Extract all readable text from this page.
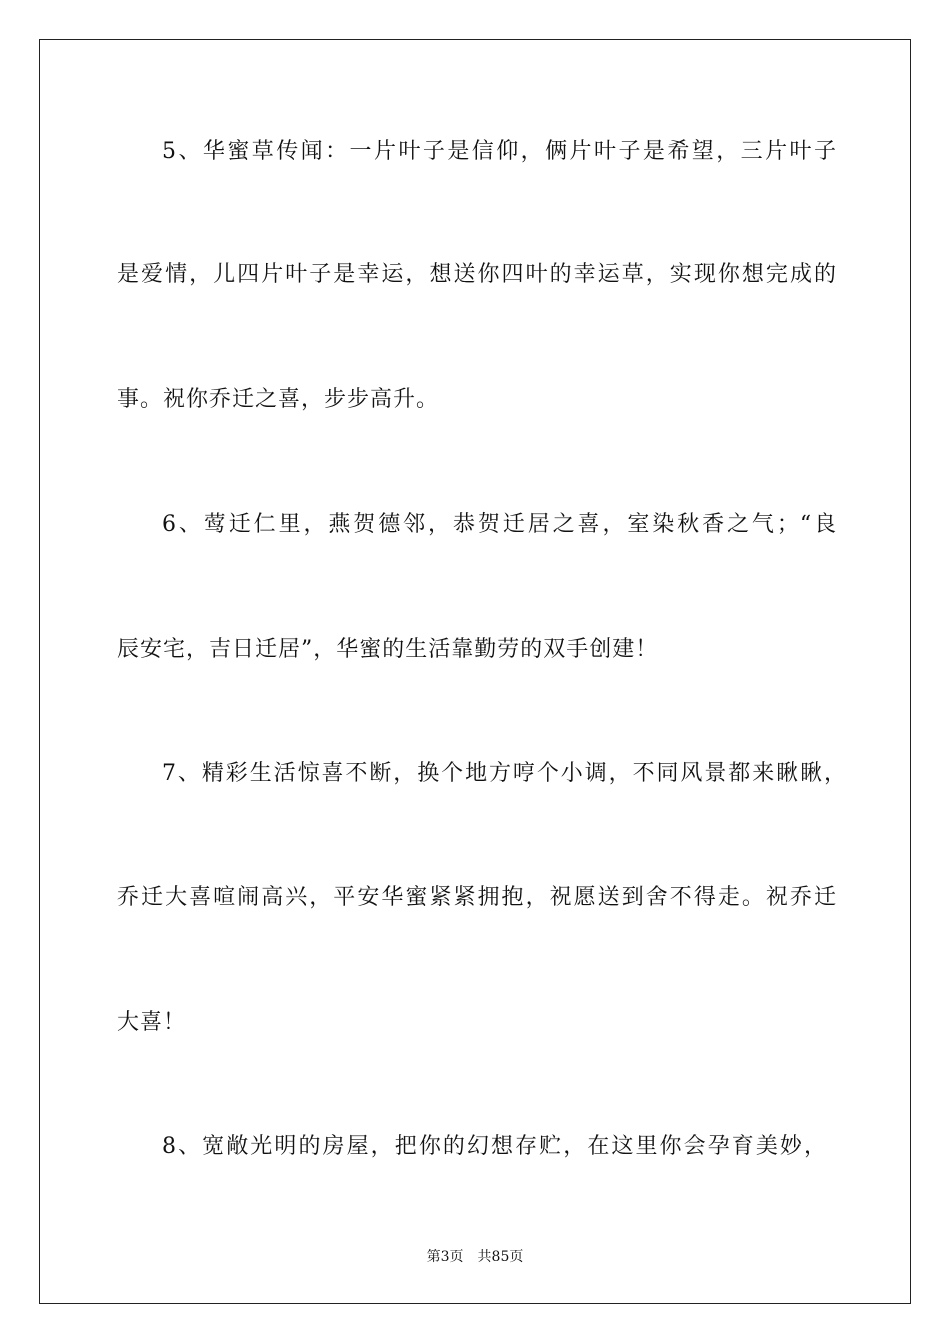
5、华蜜草传闻：一片叶子是信仰，俩片叶子是希望，三片叶子
是爱情，儿四片叶子是幸运，想送你四叶的幸运草，实现你想完成的
事。祝你乔迁之喜，步步高升。
6、莺迁仁里，燕贺德邻，恭贺迁居之喜，室染秋香之气；“良
辰安宅，吉日迁居”，华蜜的生活靠勤劳的双手创建！
7、精彩生活惊喜不断，换个地方哼个小调，不同风景都来瞅瞅，
乔迁大喜喧闹高兴，平安华蜜紧紧拥抱，祝愿送到舍不得走。祝乔迁
大喜！
8、宽敞光明的房屋，把你的幻想存贮，在这里你会孕育美妙，
第3页 共85页
